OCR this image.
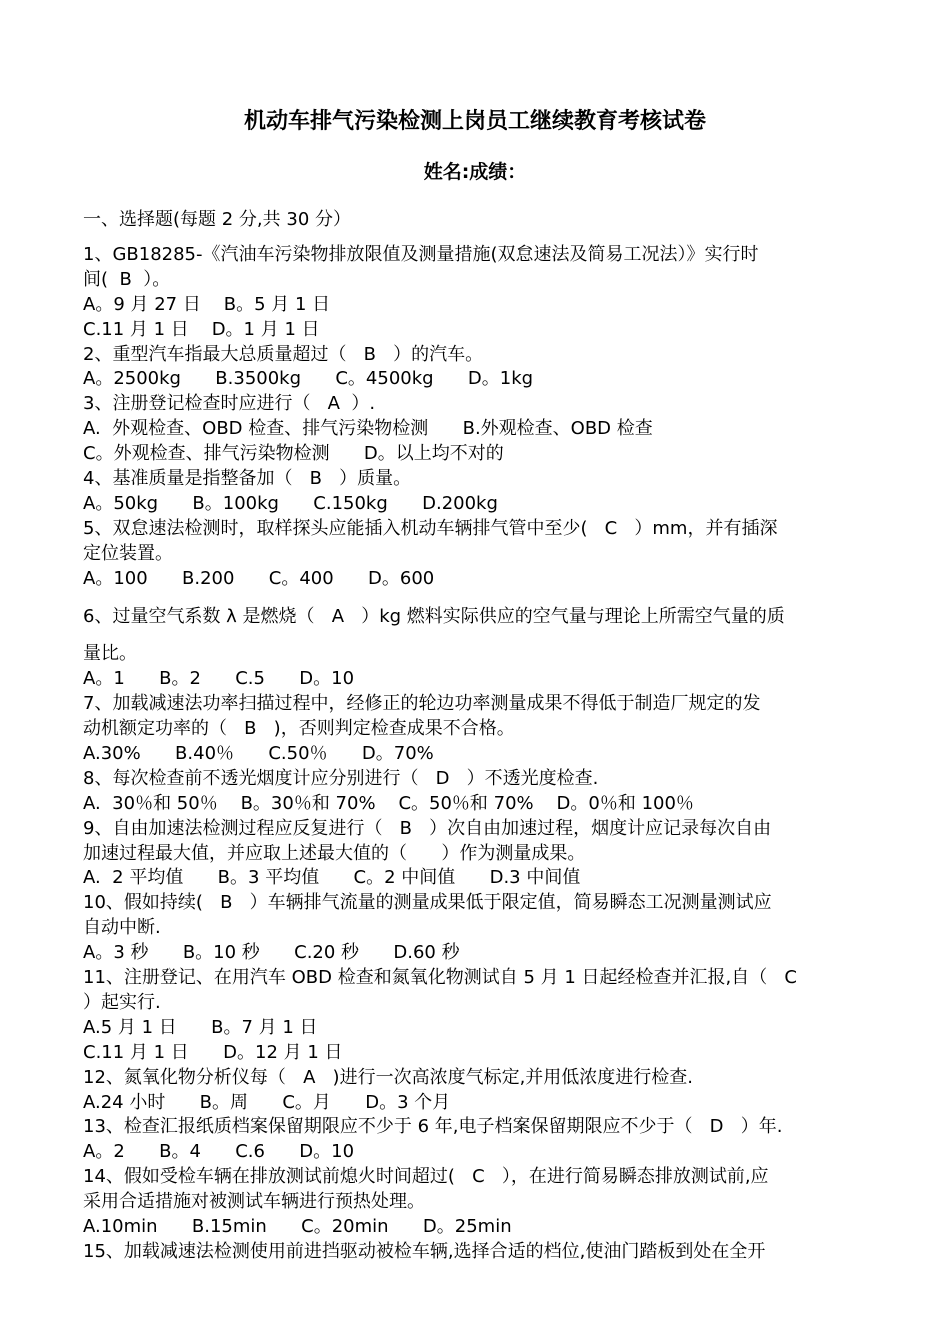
机动车排气污染检测上岗员工继续教育考核试卷
姓名:成绩：
一、选择题(每题 2 分,共 30 分）
1、GB18285-《汽油车污染物排放限值及测量措施(双怠速法及简易工况法）》实行时
间(  B  ）。
A。9 月 27 日    B。5 月 1 日
C.11 月 1 日    D。1 月 1 日
2、重型汽车指最大总质量超过（   B   ）的汽车。
A。2500kg      B.3500kg      C。4500kg      D。1kg
3、注册登记检查时应进行（   A  ）.
A.  外观检查、OBD 检查、排气污染物检测      B.外观检查、OBD 检查
C。外观检查、排气污染物检测      D。以上均不对的
4、基准质量是指整备加（   B   ）质量。
A。50kg      B。100kg      C.150kg      D.200kg
5、双怠速法检测时，取样探头应能插入机动车辆排气管中至少(   C   ）mm，并有插深
定位装置。
A。100      B.200      C。400      D。600
6、过量空气系数 λ 是燃烧（   A   ）kg 燃料实际供应的空气量与理论上所需空气量的质
量比。
A。1      B。2      C.5      D。10
7、加载减速法功率扫描过程中，经修正的轮边功率测量成果不得低于制造厂规定的发
动机额定功率的（   B   )，否则判定检查成果不合格。
A.30%      B.40％      C.50％      D。70%
8、每次检查前不透光烟度计应分别进行（   D   ）不透光度检查.
A.  30％和 50％    B。30％和 70%    C。50％和 70%    D。0％和 100％
9、自由加速法检测过程应反复进行（   B   ）次自由加速过程，烟度计应记录每次自由
加速过程最大值，并应取上述最大值的（      ）作为测量成果。
A.  2 平均值      B。3 平均值      C。2 中间值      D.3 中间值
10、假如持续(   B   ）车辆排气流量的测量成果低于限定值，简易瞬态工况测量测试应
自动中断.
A。3 秒      B。10 秒      C.20 秒      D.60 秒
11、注册登记、在用汽车 OBD 检查和氮氧化物测试自 5 月 1 日起经检查并汇报,自（   C
）起实行.
A.5 月 1 日      B。7 月 1 日
C.11 月 1 日      D。12 月 1 日
12、氮氧化物分析仪每（   A   )进行一次高浓度气标定,并用低浓度进行检查.
A.24 小时      B。周      C。月      D。3 个月
13、检查汇报纸质档案保留期限应不少于 6 年,电子档案保留期限应不少于（   D   ）年.
A。2      B。4      C.6      D。10
14、假如受检车辆在排放测试前熄火时间超过(   C   ），在进行简易瞬态排放测试前,应
采用合适措施对被测试车辆进行预热处理。
A.10min      B.15min      C。20min      D。25min
15、加载减速法检测使用前进挡驱动被检车辆,选择合适的档位,使油门踏板到处在全开
